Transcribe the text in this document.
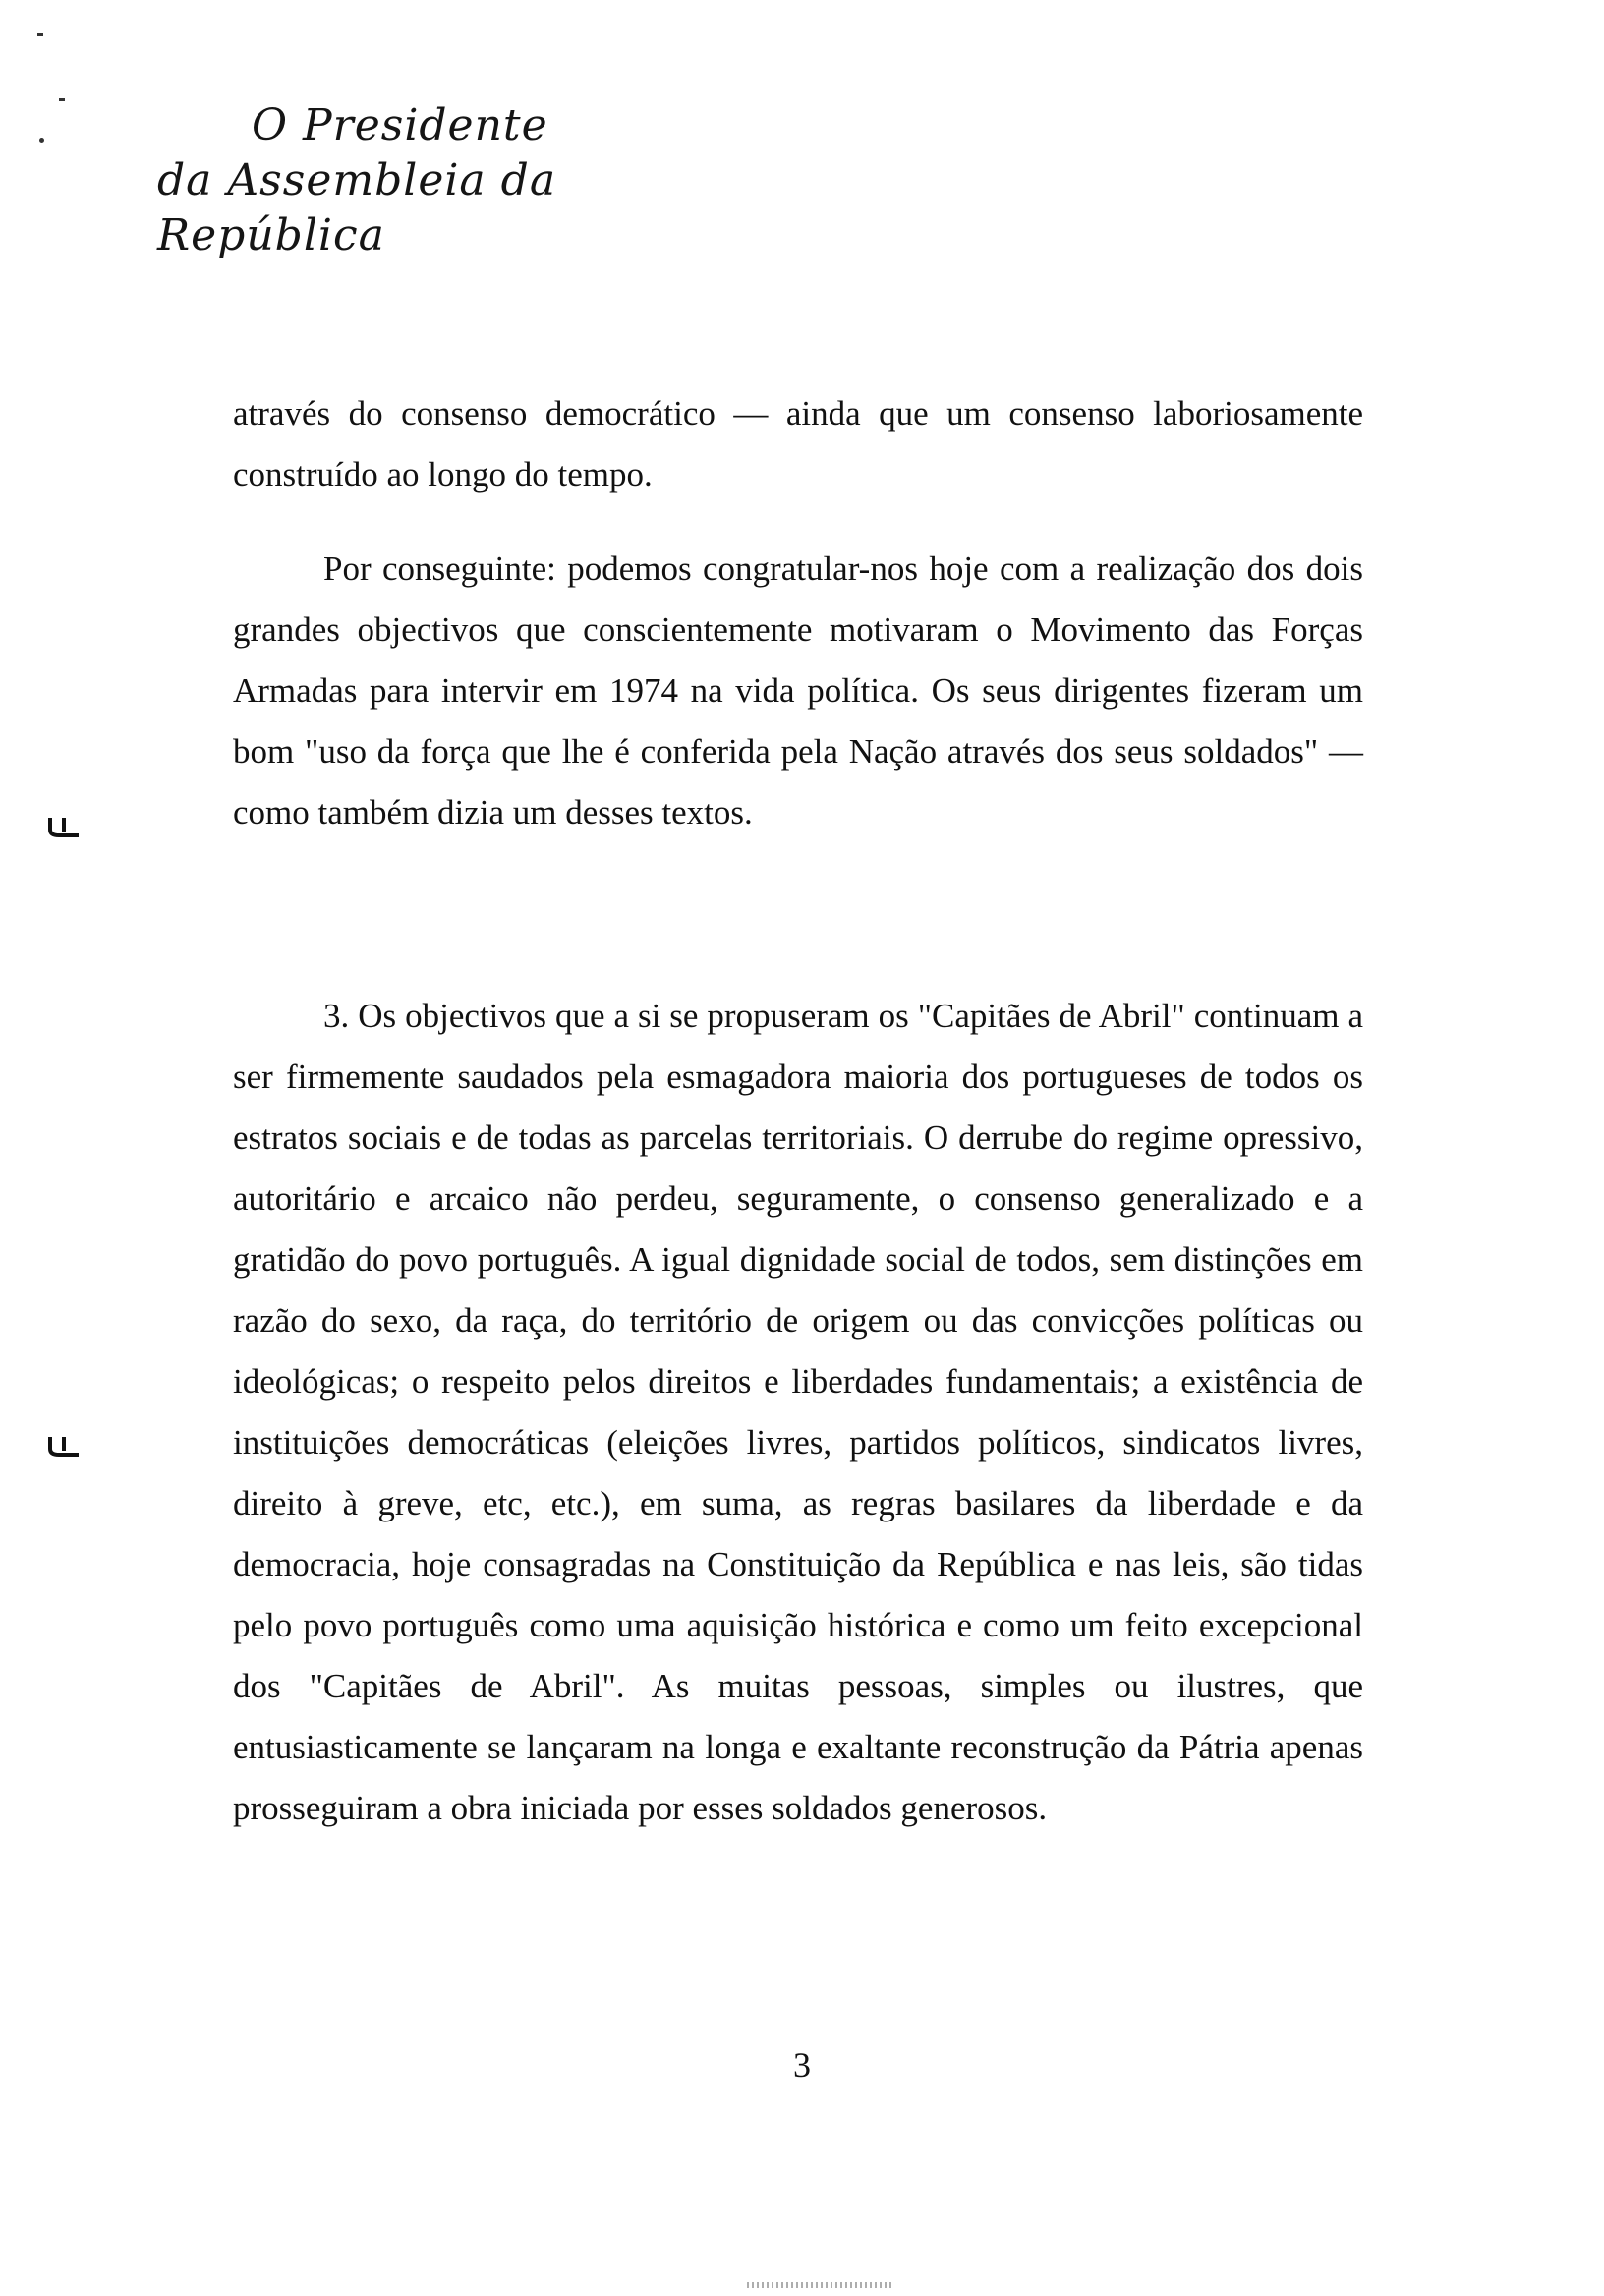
O Presidente
da Assembleia da República

através do consenso democrático — ainda que um consenso laboriosamente construído ao longo do tempo.

Por conseguinte: podemos congratular-nos hoje com a realização dos dois grandes objectivos que conscientemente motivaram o Movimento das Forças Armadas para intervir em 1974 na vida política. Os seus dirigentes fizeram um bom "uso da força que lhe é conferida pela Nação através dos seus soldados" — como também dizia um desses textos.

3. Os objectivos que a si se propuseram os "Capitães de Abril" continuam a ser firmemente saudados pela esmagadora maioria dos portugueses de todos os estratos sociais e de todas as parcelas territoriais. O derrube do regime opressivo, autoritário e arcaico não perdeu, seguramente, o consenso generalizado e a gratidão do povo português. A igual dignidade social de todos, sem distinções em razão do sexo, da raça, do território de origem ou das convicções políticas ou ideológicas; o respeito pelos direitos e liberdades fundamentais; a existência de instituições democráticas (eleições livres, partidos políticos, sindicatos livres, direito à greve, etc, etc.), em suma, as regras basilares da liberdade e da democracia, hoje consagradas na Constituição da República e nas leis, são tidas pelo povo português como uma aquisição histórica e como um feito excepcional dos "Capitães de Abril". As muitas pessoas, simples ou ilustres, que entusiasticamente se lançaram na longa e exaltante reconstrução da Pátria apenas prosseguiram a obra iniciada por esses soldados generosos.

3
